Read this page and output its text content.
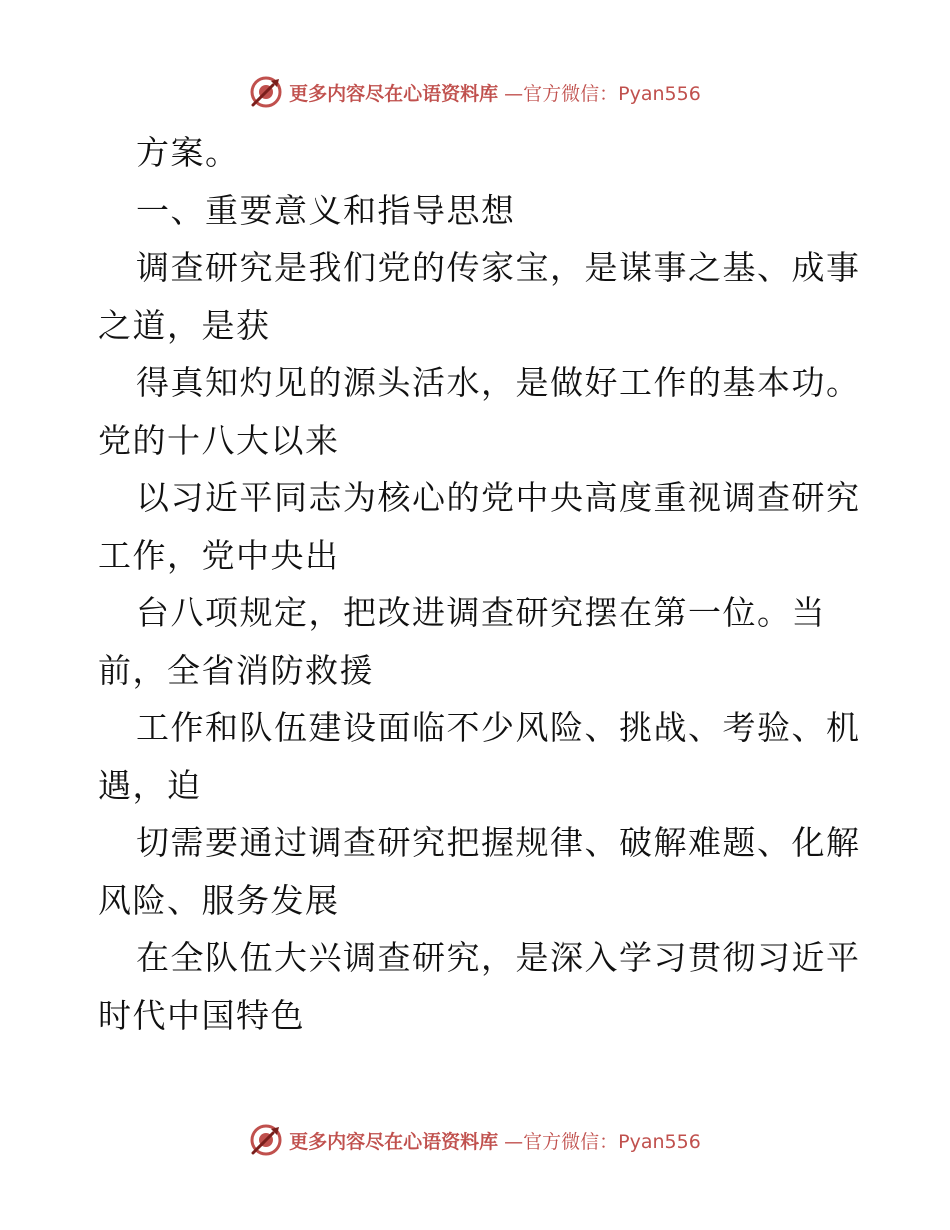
更多内容尽在心语资料库 —官方微信：Pyan556
方案。
一、重要意义和指导思想
调查研究是我们党的传家宝，是谋事之基、成事
之道，是获
得真知灼见的源头活水，是做好工作的基本功。
党的十八大以来
以习近平同志为核心的党中央高度重视调查研究
工作，党中央出
台八项规定，把改进调查研究摆在第一位。当
前，全省消防救援
工作和队伍建设面临不少风险、挑战、考验、机
遇，迫
切需要通过调查研究把握规律、破解难题、化解
风险、服务发展
在全队伍大兴调查研究，是深入学习贯彻习近平
时代中国特色
更多内容尽在心语资料库 —官方微信：Pyan556
